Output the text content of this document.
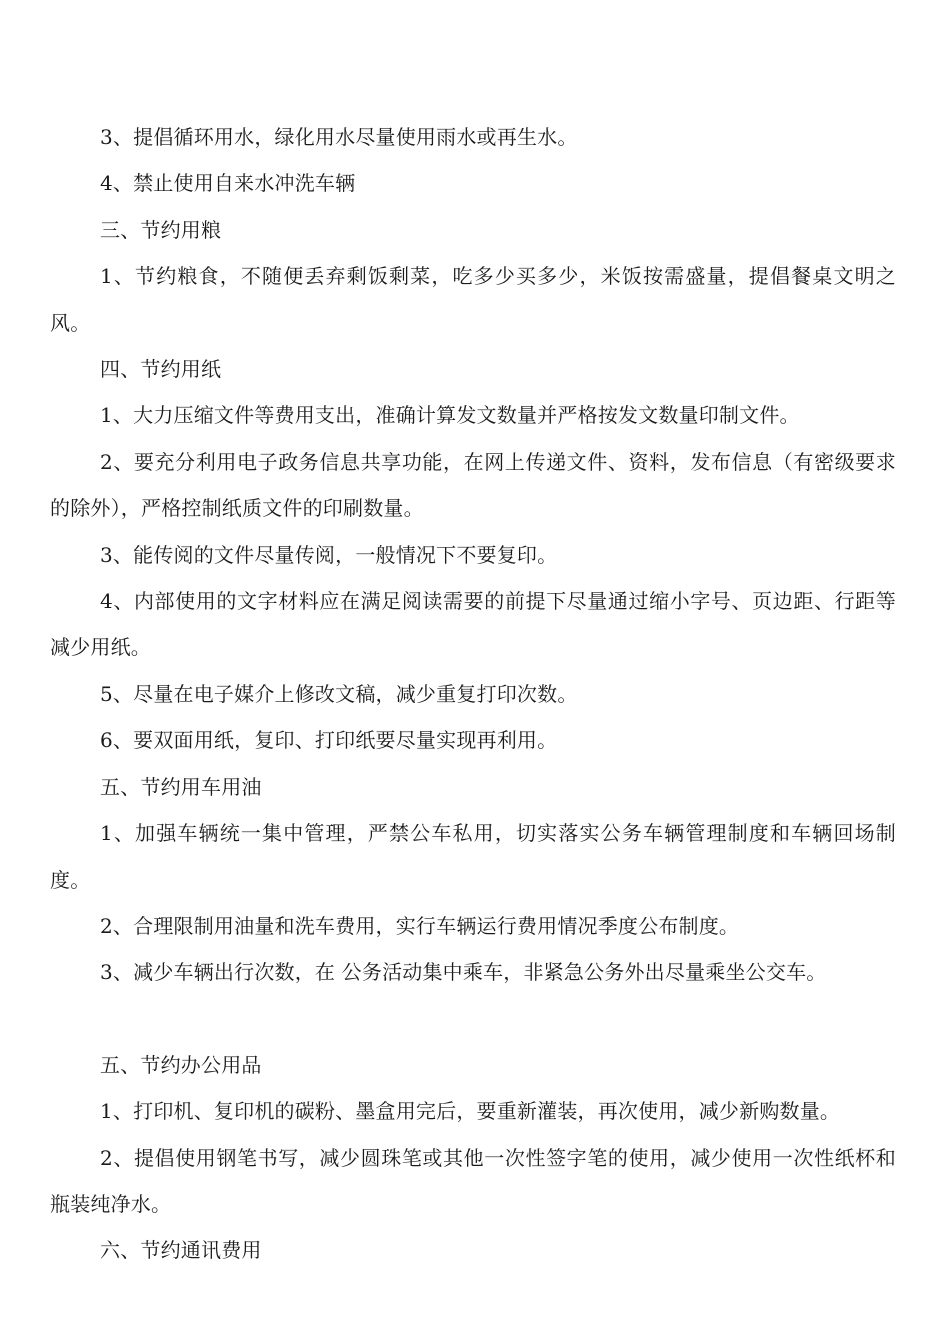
3、提倡循环用水，绿化用水尽量使用雨水或再生水。

4、禁止使用自来水冲洗车辆

三、节约用粮

1、节约粮食，不随便丢弃剩饭剩菜，吃多少买多少，米饭按需盛量，提倡餐桌文明之风。

四、节约用纸

1、大力压缩文件等费用支出，准确计算发文数量并严格按发文数量印制文件。

2、要充分利用电子政务信息共享功能，在网上传递文件、资料，发布信息（有密级要求的除外），严格控制纸质文件的印刷数量。

3、能传阅的文件尽量传阅，一般情况下不要复印。

4、内部使用的文字材料应在满足阅读需要的前提下尽量通过缩小字号、页边距、行距等减少用纸。

5、尽量在电子媒介上修改文稿，减少重复打印次数。

6、要双面用纸，复印、打印纸要尽量实现再利用。

五、节约用车用油

1、加强车辆统一集中管理，严禁公车私用，切实落实公务车辆管理制度和车辆回场制度。

2、合理限制用油量和洗车费用，实行车辆运行费用情况季度公布制度。

3、减少车辆出行次数，在 公务活动集中乘车，非紧急公务外出尽量乘坐公交车。

五、节约办公用品

1、打印机、复印机的碳粉、墨盒用完后，要重新灌装，再次使用，减少新购数量。

2、提倡使用钢笔书写，减少圆珠笔或其他一次性签字笔的使用，减少使用一次性纸杯和瓶装纯净水。

六、节约通讯费用
